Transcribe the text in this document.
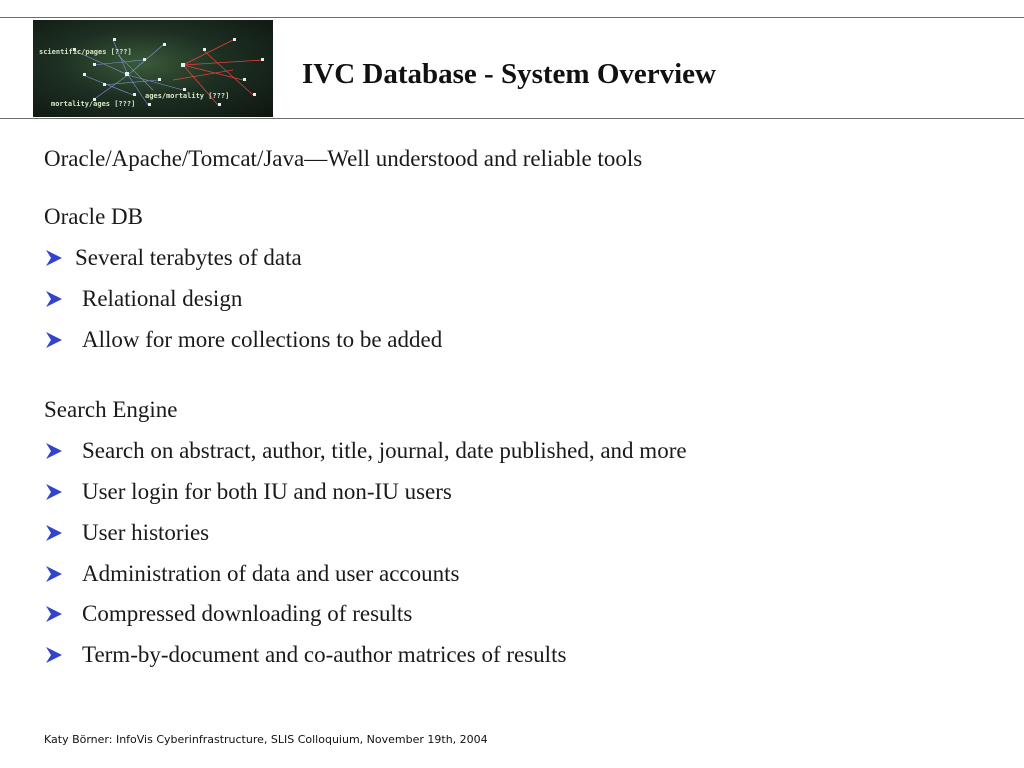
scientific/pages [???]
mortality/ages [???]
ages/mortality [???]
IVC Database - System Overview
Oracle/Apache/Tomcat/Java—Well understood and reliable tools
Oracle DB
Several terabytes of data
Relational design
Allow for more collections to be added
Search Engine
Search on abstract, author, title, journal, date published, and more
User login for both IU and non-IU users
User histories
Administration of data and user accounts
Compressed downloading of results
Term-by-document and co-author matrices of results
Katy Börner: InfoVis Cyberinfrastructure, SLIS Colloquium, November 19th, 2004
